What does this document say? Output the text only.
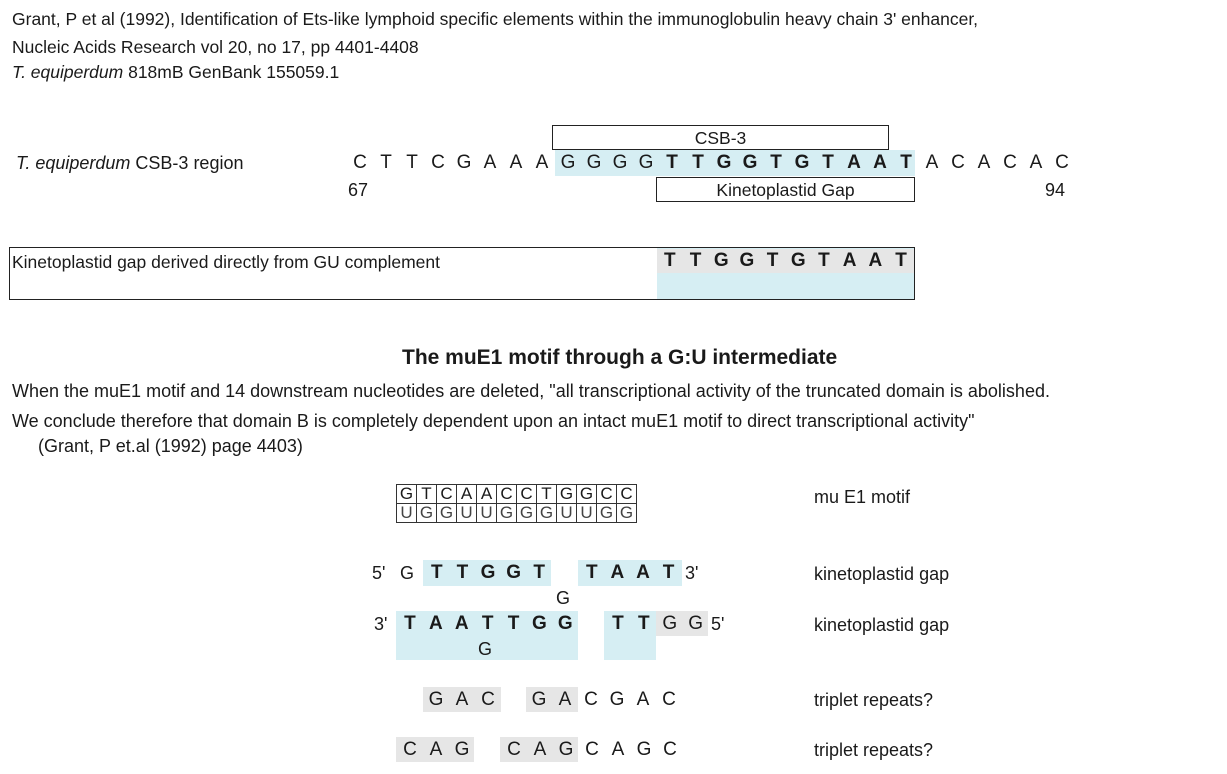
Grant, P et al (1992), Identification of Ets-like lymphoid specific elements within the immunoglobulin heavy chain 3' enhancer,
Nucleic Acids Research vol 20, no 17, pp 4401-4408
T. equiperdum 818mB GenBank 155059.1
CSB-3
T. equiperdum CSB-3 region	C T T C G A A A G G G G T T G G T G T A A T A C A C A C
67	94
Kinetoplastid Gap
Kinetoplastid gap derived directly from GU complement	T T G G T G T A A T
The muE1 motif through a G:U intermediate
When the muE1 motif and 14 downstream nucleotides are deleted, "all transcriptional activity of the truncated domain is abolished.
We conclude therefore that domain B is completely dependent upon an intact muE1 motif to direct transcriptional activity"
(Grant, P et.al (1992) page 4403)
G	T	C	A	A	C	C	T	G	G	C	C
U	G	G	U	U	G	G	G	U	U	G	G
mu E1 motif
5' G T T G G T	T A A T 3'
G
kinetoplastid gap
3' T A A T T G G	T T G G 5'
G
kinetoplastid gap
G A C	G A C G A C	triplet repeats?
C A G	C A G C A G C	triplet repeats?
